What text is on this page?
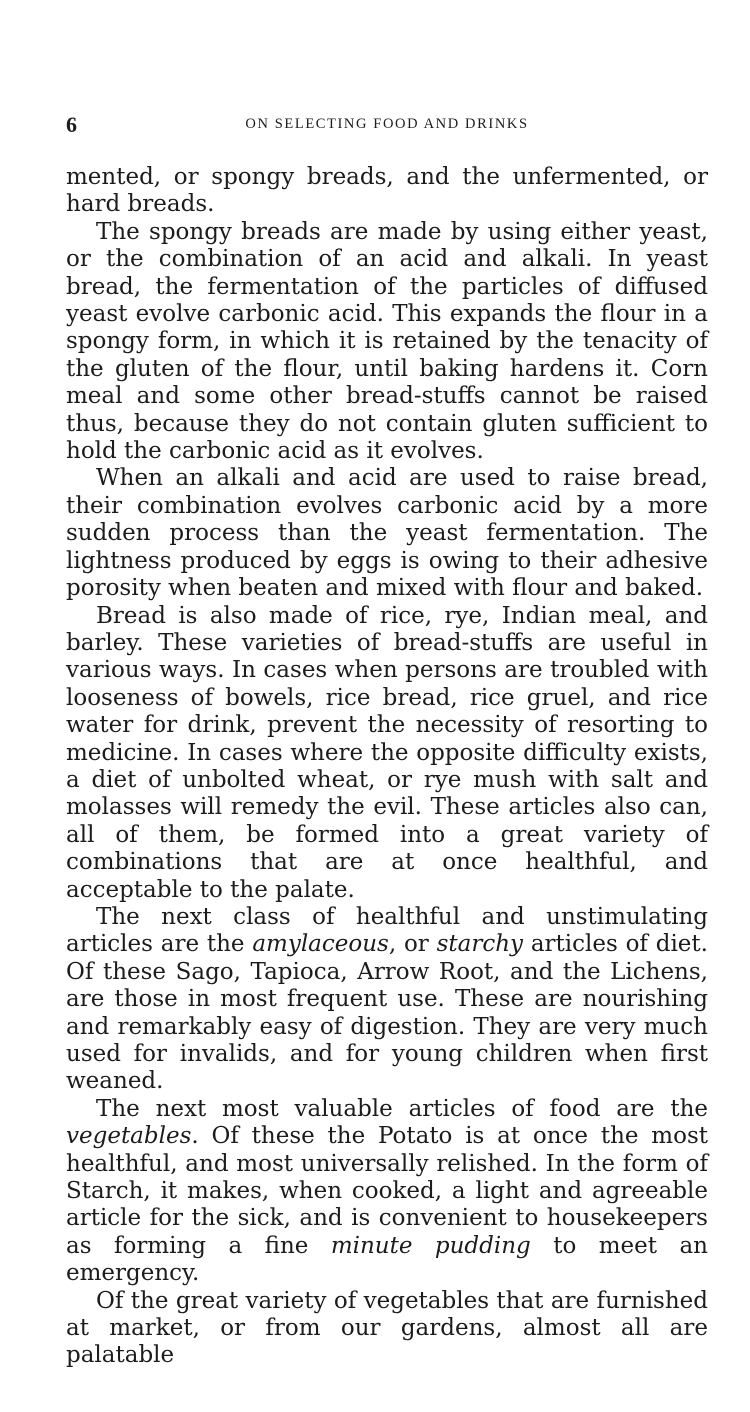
6	ON SELECTING FOOD AND DRINKS

mented, or spongy breads, and the unfermented, or hard breads.

The spongy breads are made by using either yeast, or the combination of an acid and alkali. In yeast bread, the fermentation of the particles of diffused yeast evolve carbonic acid. This expands the flour in a spongy form, in which it is retained by the tenacity of the gluten of the flour, until baking hardens it. Corn meal and some other bread-stuffs cannot be raised thus, because they do not contain gluten sufficient to hold the carbonic acid as it evolves.

When an alkali and acid are used to raise bread, their combination evolves carbonic acid by a more sudden process than the yeast fermentation. The lightness produced by eggs is owing to their adhesive porosity when beaten and mixed with flour and baked.

Bread is also made of rice, rye, Indian meal, and barley. These varieties of bread-stuffs are useful in various ways. In cases when persons are troubled with looseness of bowels, rice bread, rice gruel, and rice water for drink, prevent the necessity of resorting to medicine. In cases where the opposite difficulty exists, a diet of unbolted wheat, or rye mush with salt and molasses will remedy the evil. These articles also can, all of them, be formed into a great variety of combinations that are at once healthful, and acceptable to the palate.

The next class of healthful and unstimulating articles are the amylaceous, or starchy articles of diet. Of these Sago, Tapioca, Arrow Root, and the Lichens, are those in most frequent use. These are nourishing and remarkably easy of digestion. They are very much used for invalids, and for young children when first weaned.

The next most valuable articles of food are the vegetables. Of these the Potato is at once the most healthful, and most universally relished. In the form of Starch, it makes, when cooked, a light and agreeable article for the sick, and is convenient to housekeepers as forming a fine minute pudding to meet an emergency.

Of the great variety of vegetables that are furnished at market, or from our gardens, almost all are palatable
